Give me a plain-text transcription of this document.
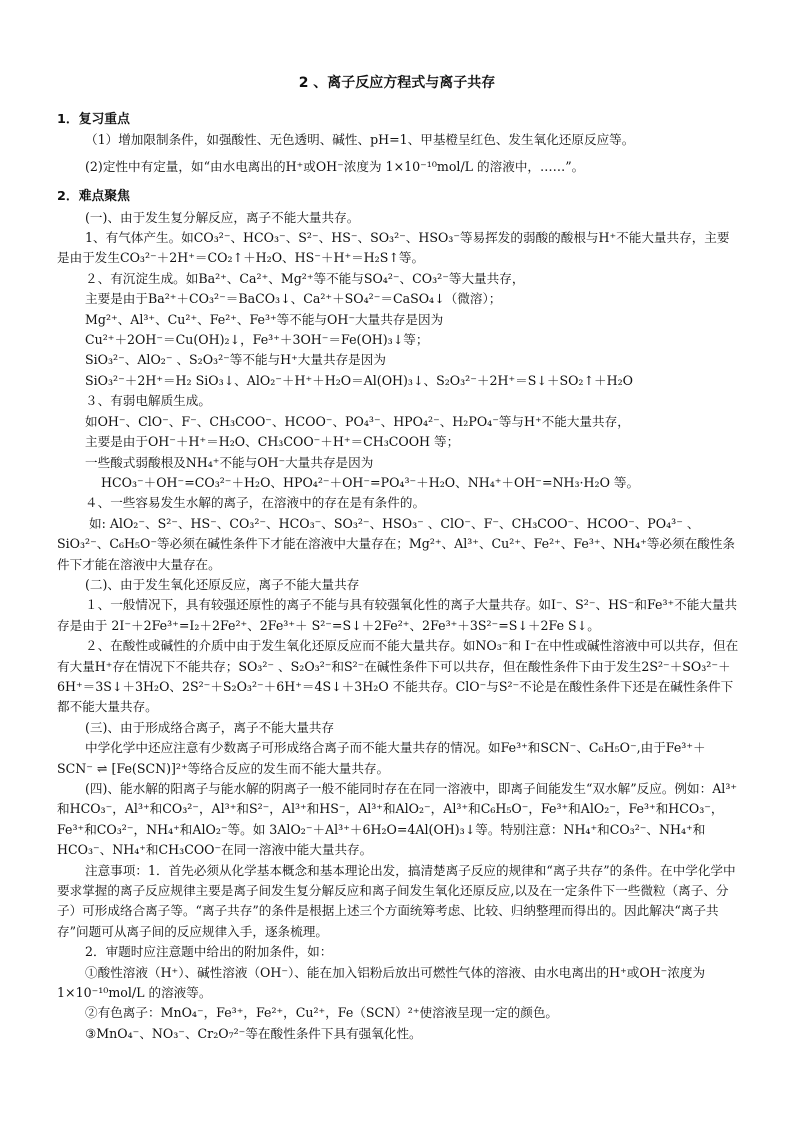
2 、离子反应方程式与离子共存

1．复习重点

（1）增加限制条件，如强酸性、无色透明、碱性、pH=1、甲基橙呈红色、发生氧化还原反应等。

(2)定性中有定量，如“由水电离出的H⁺或OH⁻浓度为 1×10⁻¹⁰mol/L 的溶液中，……”。

2．难点聚焦

(一)、由于发生复分解反应，离子不能大量共存。

1、有气体产生。如CO₃²⁻、HCO₃⁻、S²⁻、HS⁻、SO₃²⁻、HSO₃⁻等易挥发的弱酸的酸根与H⁺不能大量共存，主要是由于发生CO₃²⁻＋2H⁺＝CO₂↑＋H₂O、HS⁻＋H⁺＝H₂S↑等。

２、有沉淀生成。如Ba²⁺、Ca²⁺、Mg²⁺等不能与SO₄²⁻、CO₃²⁻等大量共存，

主要是由于Ba²⁺＋CO₃²⁻＝BaCO₃↓、Ca²⁺＋SO₄²⁻＝CaSO₄↓（微溶）；

Mg²⁺、Al³⁺、Cu²⁺、Fe²⁺、Fe³⁺等不能与OH⁻大量共存是因为

Cu²⁺＋2OH⁻＝Cu(OH)₂↓，Fe³⁺＋3OH⁻＝Fe(OH)₃↓等；

SiO₃²⁻、AlO₂⁻ 、S₂O₃²⁻等不能与H⁺大量共存是因为

SiO₃²⁻＋2H⁺＝H₂ SiO₃↓、AlO₂⁻＋H⁺＋H₂O＝Al(OH)₃↓、S₂O₃²⁻＋2H⁺＝S↓＋SO₂↑＋H₂O

３、有弱电解质生成。

如OH⁻、ClO⁻、F⁻、CH₃COO⁻、HCOO⁻、PO₄³⁻、HPO₄²⁻、H₂PO₄⁻等与H⁺不能大量共存，

主要是由于OH⁻＋H⁺＝H₂O、CH₃COO⁻＋H⁺＝CH₃COOH 等；

一些酸式弱酸根及NH₄⁺不能与OH⁻大量共存是因为

HCO₃⁻＋OH⁻=CO₃²⁻＋H₂O、HPO₄²⁻＋OH⁻=PO₄³⁻＋H₂O、NH₄⁺＋OH⁻=NH₃·H₂O 等。

４、一些容易发生水解的离子，在溶液中的存在是有条件的。

如: AlO₂⁻、S²⁻、HS⁻、CO₃²⁻、HCO₃⁻、SO₃²⁻、HSO₃⁻ 、ClO⁻、F⁻、CH₃COO⁻、HCOO⁻、PO₄³⁻ 、SiO₃²⁻、C₆H₅O⁻等必须在碱性条件下才能在溶液中大量存在；Mg²⁺、Al³⁺、Cu²⁺、Fe²⁺、Fe³⁺、NH₄⁺等必须在酸性条件下才能在溶液中大量存在。

(二)、由于发生氧化还原反应，离子不能大量共存

１、一般情况下，具有较强还原性的离子不能与具有较强氧化性的离子大量共存。如I⁻、S²⁻、HS⁻和Fe³⁺不能大量共存是由于 2I⁻＋2Fe³⁺=I₂＋2Fe²⁺、2Fe³⁺＋ S²⁻=S↓＋2Fe²⁺、2Fe³⁺＋3S²⁻=S↓＋2Fe S↓。

２、在酸性或碱性的介质中由于发生氧化还原反应而不能大量共存。如NO₃⁻和 I⁻在中性或碱性溶液中可以共存，但在有大量H⁺存在情况下不能共存；SO₃²⁻ 、S₂O₃²⁻和S²⁻在碱性条件下可以共存，但在酸性条件下由于发生2S²⁻＋SO₃²⁻＋6H⁺＝3S↓＋3H₂O、2S²⁻＋S₂O₃²⁻＋6H⁺＝4S↓＋3H₂O 不能共存。ClO⁻与S²⁻不论是在酸性条件下还是在碱性条件下都不能大量共存。

(三)、由于形成络合离子，离子不能大量共存

中学化学中还应注意有少数离子可形成络合离子而不能大量共存的情况。如Fe³⁺和SCN⁻、C₆H₅O⁻,由于Fe³⁺＋SCN⁻ ⇌ [Fe(SCN)]²⁺等络合反应的发生而不能大量共存。

(四)、能水解的阳离子与能水解的阴离子一般不能同时存在在同一溶液中，即离子间能发生“双水解”反应。例如：Al³⁺和HCO₃⁻，Al³⁺和CO₃²⁻，Al³⁺和S²⁻，Al³⁺和HS⁻，Al³⁺和AlO₂⁻，Al³⁺和C₆H₅O⁻，Fe³⁺和AlO₂⁻，Fe³⁺和HCO₃⁻，Fe³⁺和CO₃²⁻，NH₄⁺和AlO₂⁻等。如 3AlO₂⁻＋Al³⁺＋6H₂O=4Al(OH)₃↓等。特别注意：NH₄⁺和CO₃²⁻、NH₄⁺和HCO₃⁻、NH₄⁺和CH₃COO⁻在同一溶液中能大量共存。

注意事项：1．首先必须从化学基本概念和基本理论出发，搞清楚离子反应的规律和“离子共存”的条件。在中学化学中要求掌握的离子反应规律主要是离子间发生复分解反应和离子间发生氧化还原反应,以及在一定条件下一些微粒（离子、分子）可形成络合离子等。“离子共存”的条件是根据上述三个方面统筹考虑、比较、归纳整理而得出的。因此解决“离子共存”问题可从离子间的反应规律入手，逐条梳理。

2．审题时应注意题中给出的附加条件，如：

①酸性溶液（H⁺）、碱性溶液（OH⁻）、能在加入铝粉后放出可燃性气体的溶液、由水电离出的H⁺或OH⁻浓度为1×10⁻¹⁰mol/L 的溶液等。

②有色离子：MnO₄⁻，Fe³⁺，Fe²⁺，Cu²⁺，Fe（SCN）²⁺使溶液呈现一定的颜色。

③MnO₄⁻、NO₃⁻、Cr₂O₇²⁻等在酸性条件下具有强氧化性。
